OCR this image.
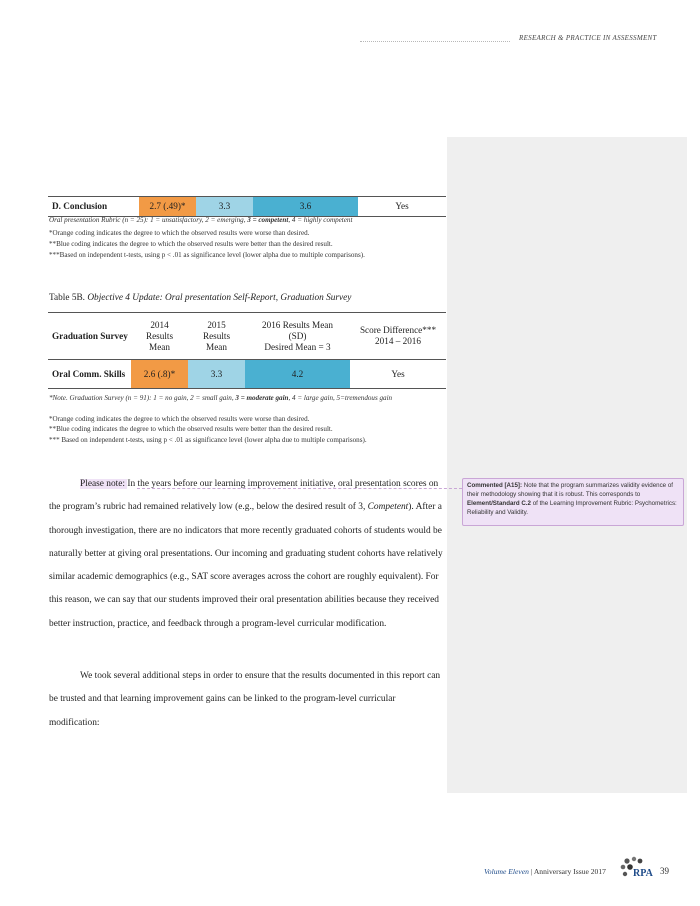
RESEARCH & PRACTICE IN ASSESSMENT
Commented [A15]: Note that the program summarizes validity evidence of their methodology showing that it is robust. This corresponds to Element/Standard C.2 of the Learning Improvement Rubric: Psychometrics: Reliability and Validity.
D. Conclusion	2.7 (.49)*	3.3	3.6	Yes
Oral presentation Rubric (n = 25): 1 = unsatisfactory, 2 = emerging, 3 = competent, 4 = highly competent
*Orange coding indicates the degree to which the observed results were worse than desired.
**Blue coding indicates the degree to which the observed results were better than the desired result.
***Based on independent t-tests, using p < .01 as significance level (lower alpha due to multiple comparisons).
Table 5B. Objective 4 Update: Oral presentation Self-Report, Graduation Survey
Graduation Survey	2014
Results
Mean	2015
Results
Mean	2016 Results Mean
(SD)
Desired Mean = 3	Score Difference***
2014 – 2016
Oral Comm. Skills	2.6 (.8)*	3.3	4.2	Yes
*Note. Graduation Survey (n = 91): 1 = no gain, 2 = small gain, 3 = moderate gain, 4 = large gain, 5=tremendous gain
*Orange coding indicates the degree to which the observed results were worse than desired.
**Blue coding indicates the degree to which the observed results were better than the desired result.
*** Based on independent t-tests, using p < .01 as significance level (lower alpha due to multiple comparisons).
Please note: In the years before our learning improvement initiative, oral presentation scores on the program’s rubric had remained relatively low (e.g., below the desired result of 3, Competent). After a thorough investigation, there are no indicators that more recently graduated cohorts of students would be naturally better at giving oral presentations. Our incoming and graduating student cohorts have relatively similar academic demographics (e.g., SAT score averages across the cohort are roughly equivalent). For this reason, we can say that our students improved their oral presentation abilities because they received better instruction, practice, and feedback through a program-level curricular modification.
We took several additional steps in order to ensure that the results documented in this report can be trusted and that learning improvement gains can be linked to the program-level curricular modification:
Volume Eleven | Anniversary Issue 2017	RPA 39
